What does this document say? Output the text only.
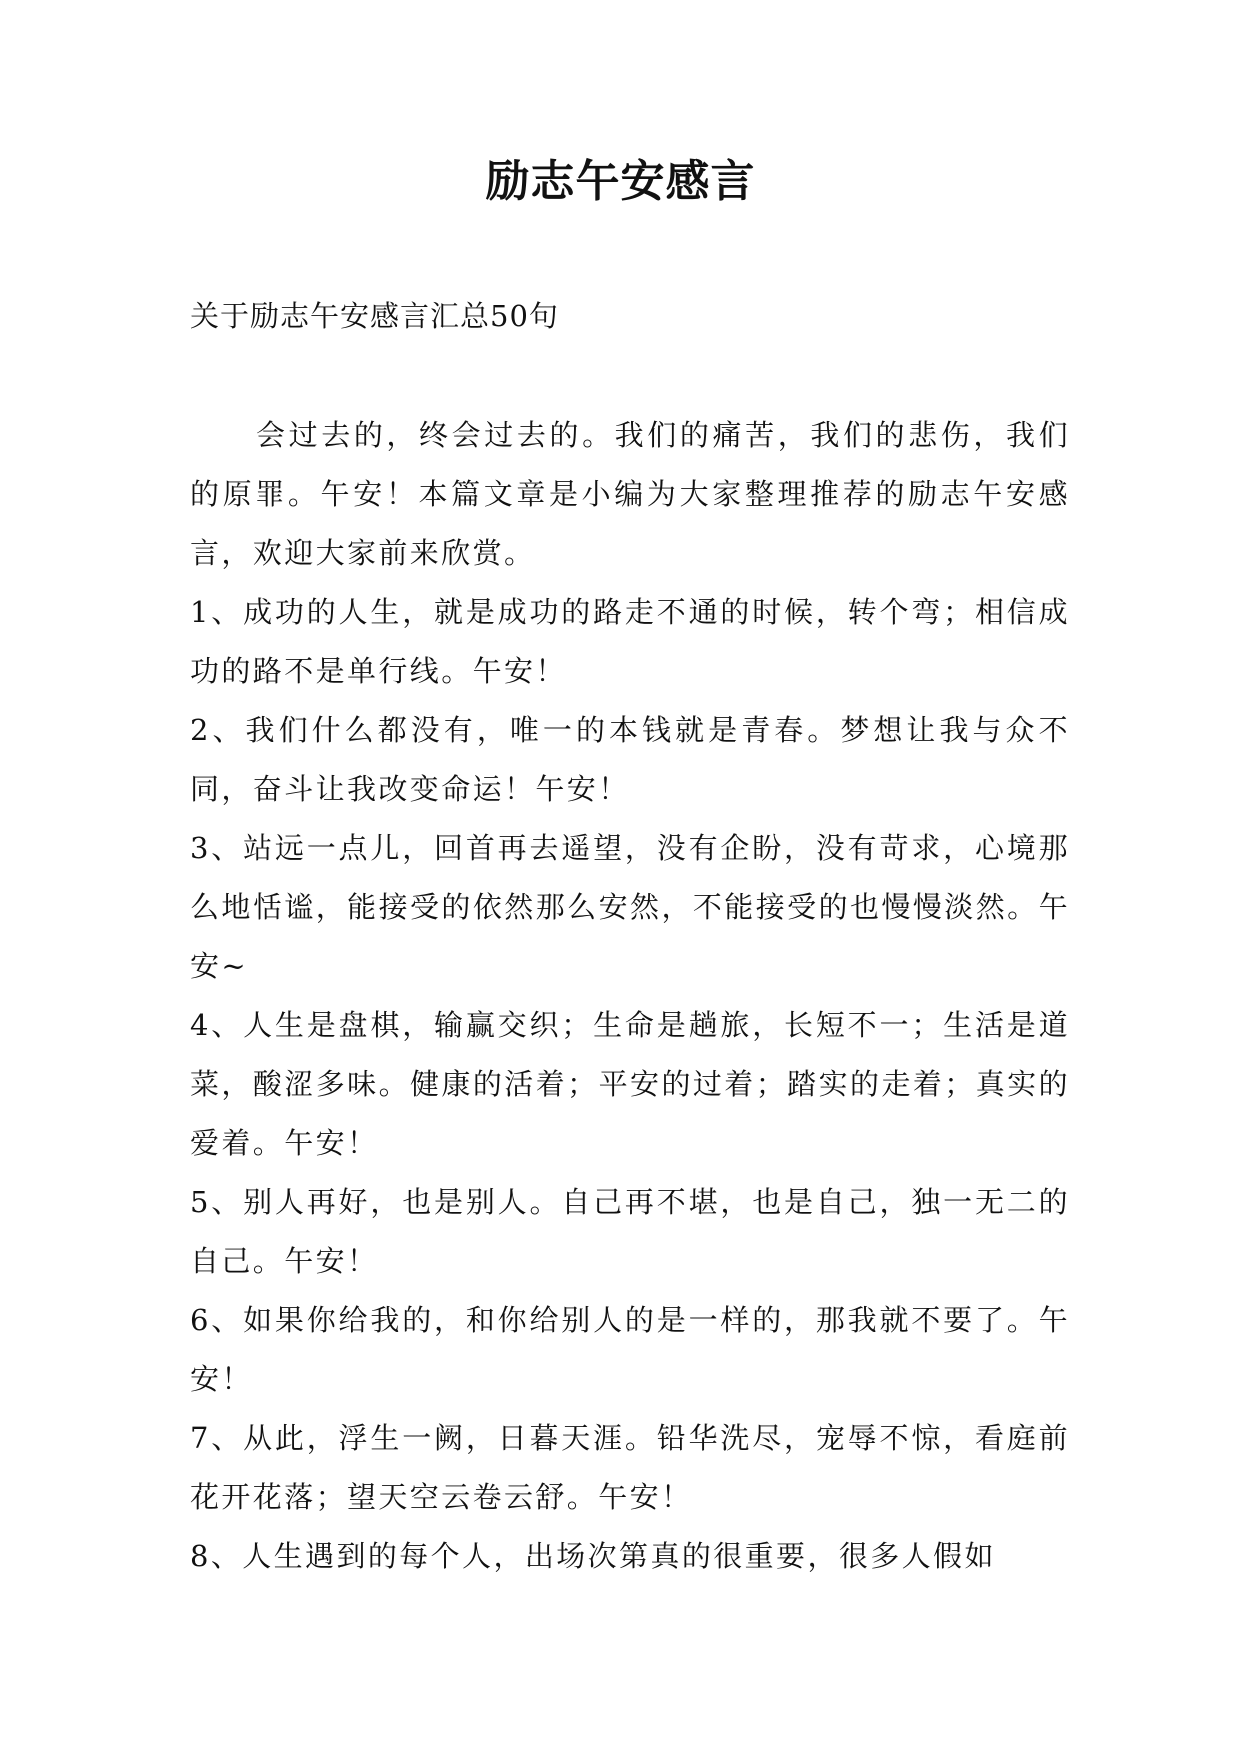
励志午安感言
关于励志午安感言汇总50句

会过去的，终会过去的。我们的痛苦，我们的悲伤，我们的原罪。午安！本篇文章是小编为大家整理推荐的励志午安感言，欢迎大家前来欣赏。

1、成功的人生，就是成功的路走不通的时候，转个弯；相信成功的路不是单行线。午安！

2、我们什么都没有，唯一的本钱就是青春。梦想让我与众不同，奋斗让我改变命运！午安！

3、站远一点儿，回首再去遥望，没有企盼，没有苛求，心境那么地恬谧，能接受的依然那么安然，不能接受的也慢慢淡然。午安~

4、人生是盘棋，输赢交织；生命是趟旅，长短不一；生活是道菜，酸涩多味。健康的活着；平安的过着；踏实的走着；真实的爱着。午安！

5、别人再好，也是别人。自己再不堪，也是自己，独一无二的自己。午安！

6、如果你给我的，和你给别人的是一样的，那我就不要了。午安！

7、从此，浮生一阙，日暮天涯。铅华洗尽，宠辱不惊，看庭前花开花落；望天空云卷云舒。午安！

8、人生遇到的每个人，出场次第真的很重要，很多人假如
